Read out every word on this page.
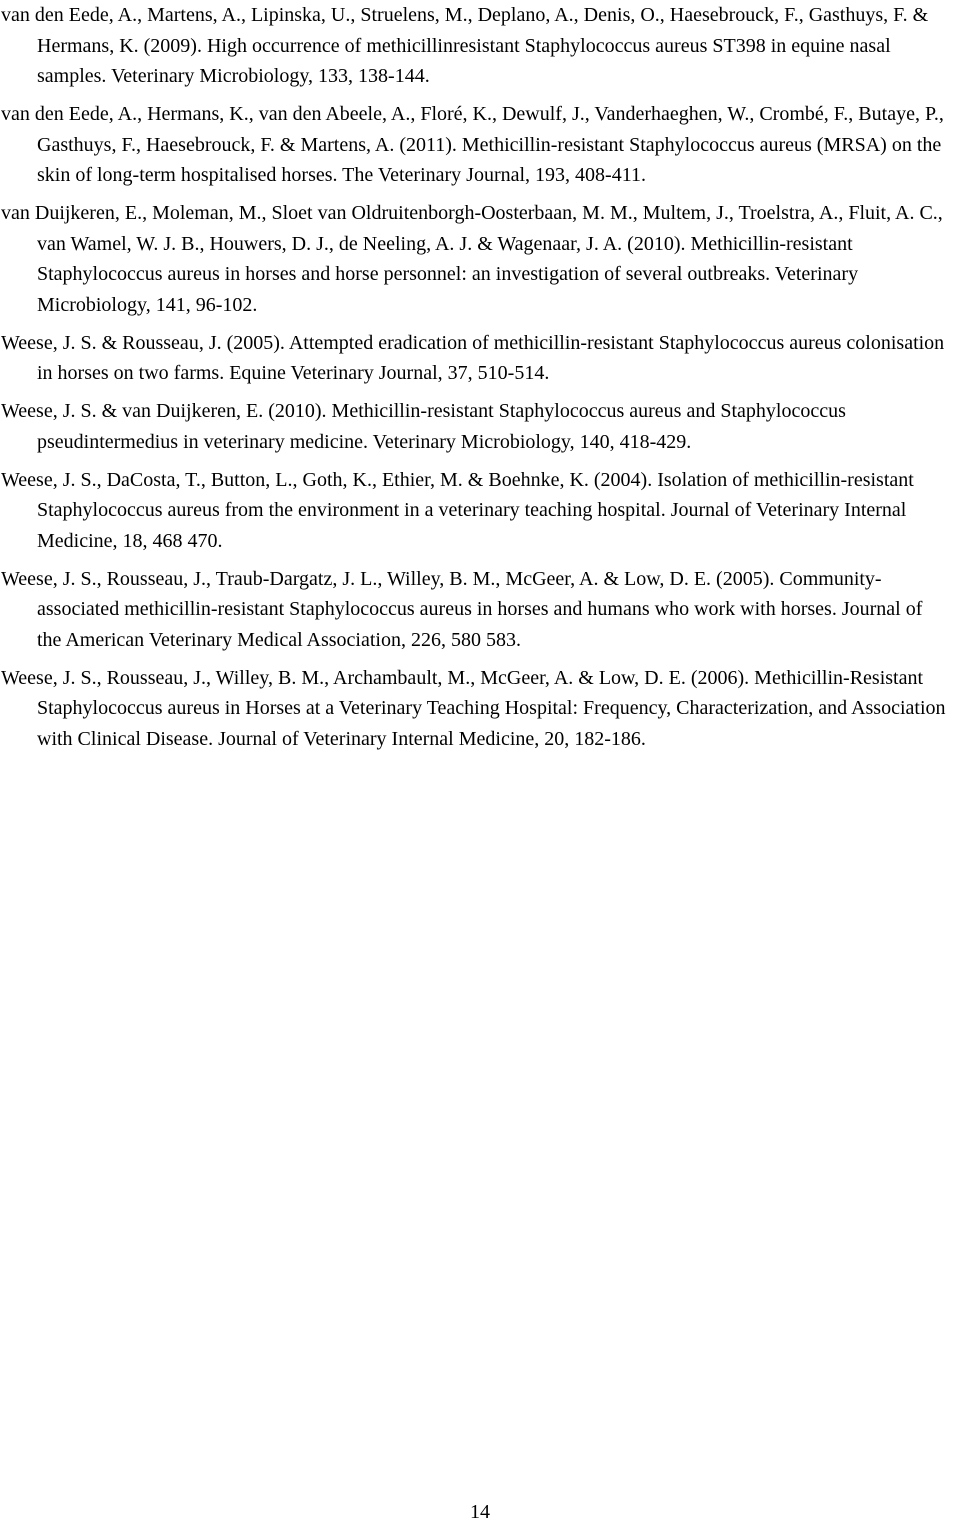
van den Eede, A., Martens, A., Lipinska, U., Struelens, M., Deplano, A., Denis, O., Haesebrouck, F., Gasthuys, F. & Hermans, K. (2009). High occurrence of methicillinresistant Staphylococcus aureus ST398 in equine nasal samples. Veterinary Microbiology, 133, 138-144.

van den Eede, A., Hermans, K., van den Abeele, A., Floré, K., Dewulf, J., Vanderhaeghen, W., Crombé, F., Butaye, P., Gasthuys, F., Haesebrouck, F. & Martens, A. (2011). Methicillin-resistant Staphylococcus aureus (MRSA) on the skin of long-term hospitalised horses. The Veterinary Journal, 193, 408-411.

van Duijkeren, E., Moleman, M., Sloet van Oldruitenborgh-Oosterbaan, M. M., Multem, J., Troelstra, A., Fluit, A. C., van Wamel, W. J. B., Houwers, D. J., de Neeling, A. J. & Wagenaar, J. A. (2010). Methicillin-resistant Staphylococcus aureus in horses and horse personnel: an investigation of several outbreaks. Veterinary Microbiology, 141, 96-102.

Weese, J. S. & Rousseau, J. (2005). Attempted eradication of methicillin-resistant Staphylococcus aureus colonisation in horses on two farms. Equine Veterinary Journal, 37, 510-514.

Weese, J. S. & van Duijkeren, E. (2010). Methicillin-resistant Staphylococcus aureus and Staphylococcus pseudintermedius in veterinary medicine. Veterinary Microbiology, 140, 418-429.

Weese, J. S., DaCosta, T., Button, L., Goth, K., Ethier, M. & Boehnke, K. (2004). Isolation of methicillin-resistant Staphylococcus aureus from the environment in a veterinary teaching hospital. Journal of Veterinary Internal Medicine, 18, 468 470.

Weese, J. S., Rousseau, J., Traub-Dargatz, J. L., Willey, B. M., McGeer, A. & Low, D. E. (2005). Community-associated methicillin-resistant Staphylococcus aureus in horses and humans who work with horses. Journal of the American Veterinary Medical Association, 226, 580 583.

Weese, J. S., Rousseau, J., Willey, B. M., Archambault, M., McGeer, A. & Low, D. E. (2006). Methicillin-Resistant Staphylococcus aureus in Horses at a Veterinary Teaching Hospital: Frequency, Characterization, and Association with Clinical Disease. Journal of Veterinary Internal Medicine, 20, 182-186.

14
